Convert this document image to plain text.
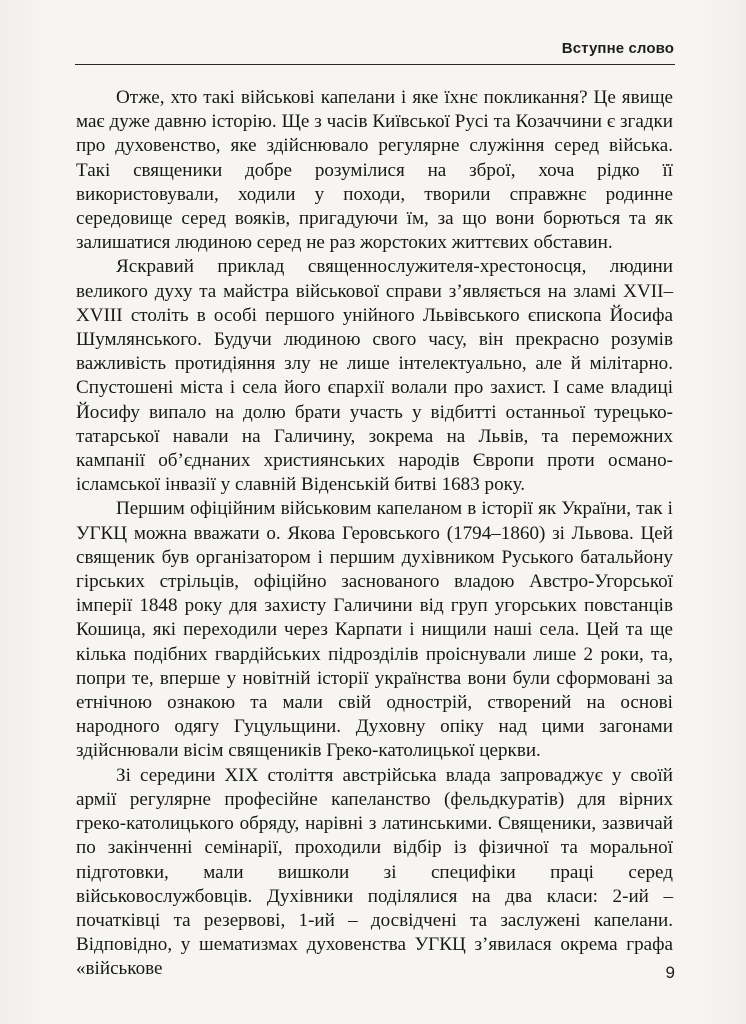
Вступне слово

Отже, хто такі військові капелани і яке їхнє покликання? Це явище має дуже давню історію. Ще з часів Київської Русі та Козаччини є згадки про духовенство, яке здійснювало регулярне служіння серед війська. Такі священики добре розумілися на зброї, хоча рідко її використовували, ходили у походи, творили справжнє родинне середовище серед вояків, пригадуючи їм, за що вони борються та як залишатися людиною серед не раз жорстоких життєвих обставин.

Яскравий приклад священнослужителя-хрестоносця, людини великого духу та майстра військової справи з’являється на зламі XVII–XVIII століть в особі першого унійного Львівського єпископа Йосифа Шумлянського. Будучи людиною свого часу, він прекрасно розумів важливість протидіяння злу не лише інтелектуально, але й мілітарно. Спустошені міста і села його єпархії волали про захист. І саме владиці Йосифу випало на долю брати участь у відбитті останньої турецько-татарської навали на Галичину, зокрема на Львів, та переможних кампанії об’єднаних християнських народів Європи проти османо-ісламської інвазії у славній Віденській битві 1683 року.

Першим офіційним військовим капеланом в історії як України, так і УГКЦ можна вважати о. Якова Геровського (1794–1860) зі Львова. Цей священик був організатором і першим духівником Руського батальйону гірських стрільців, офіційно заснованого владою Австро-Угорської імперії 1848 року для захисту Галичини від груп угорських повстанців Кошица, які переходили через Карпати і нищили наші села. Цей та ще кілька подібних гвардійських підрозділів проіснували лише 2 роки, та, попри те, вперше у новітній історії українства вони були сформовані за етнічною ознакою та мали свій однострій, створений на основі народного одягу Гуцульщини. Духовну опіку над цими загонами здійснювали вісім священиків Греко-католицької церкви.

Зі середини XIX століття австрійська влада запроваджує у своїй армії регулярне професійне капеланство (фельдкуратів) для вірних греко-католицького обряду, нарівні з латинськими. Священики, зазвичай по закінченні семінарії, проходили відбір із фізичної та моральної підготовки, мали вишколи зі специфіки праці серед військовослужбовців. Духівники поділялися на два класи: 2-ий – початківці та резервові, 1-ий – досвідчені та заслужені капелани. Відповідно, у шематизмах духовенства УГКЦ з’явилася окрема графа «військове	9
